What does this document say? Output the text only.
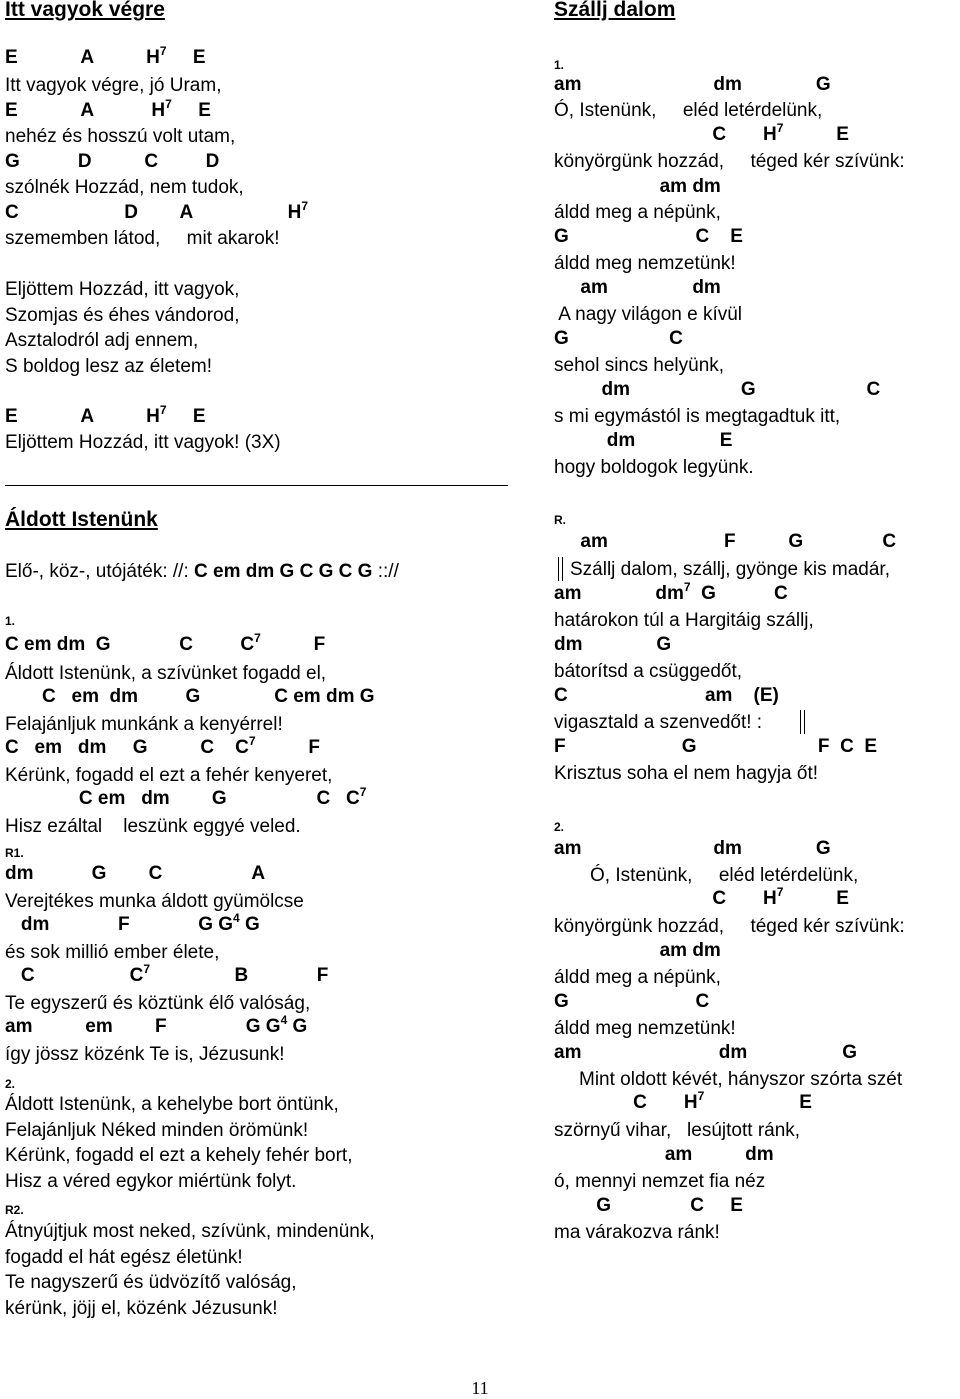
Itt vagyok végre
E            A          $H^7$     E
Itt vagyok végre, jó Uram,
E            A           $H^7$     E
nehéz és hosszú volt utam,
G           D          C         D
szólnék Hozzád, nem tudok,
C                    D        A                  $H^7$
szememben látod,     mit akarok!
Eljöttem Hozzád, itt vagyok,
Szomjas és éhes vándorod,
Asztalodról adj ennem,
S boldog lesz az életem!
E            A          $H^7$     E
Eljöttem Hozzád, itt vagyok! (3X)
Áldott Istenünk
Elő-, köz-, utójáték: //: C em dm G C G C G :://
1.
C em dm  G             C         $C^7$          F
Áldott Istenünk, a szívünket fogadd el,
C   em  dm         G              C em dm G
Felajánljuk munkánk a kenyérrel!
C   em   dm     G          C    $C^7$          F
Kérünk, fogadd el ezt a fehér kenyeret,
C em   dm        G                 C   $C^7$
Hisz ezáltal    leszünk eggyé veled.
R1.
dm           G        C                 A
Verejtékes munka áldott gyümölcse
dm             F             G $G^4$ G
és sok millió ember élete,
C                  $C^7$                B             F
Te egyszerű és köztünk élő valóság,
am          em        F               G $G^4$ G
így jössz közénk Te is, Jézusunk!
2.
Áldott Istenünk, a kehelybe bort öntünk,
Felajánljuk Néked minden örömünk!
Kérünk, fogadd el ezt a kehely fehér bort,
Hisz a véred egykor miértünk folyt.
R2.
Átnyújtjuk most neked, szívünk, mindenünk,
fogadd el hát egész életünk!
Te nagyszerű és üdvözítő valóság,
kérünk, jöjj el, közénk Jézusunk!
Szállj dalom
1.
am                         dm              G
Ó, Istenünk,     eléd letérdelünk,
C       $H^7$          E
könyörgünk hozzád,     téged kér szívünk:
am dm
áldd meg a népünk,
G                        C    E
áldd meg nemzetünk!
am                dm
A nagy világon e kívül
G                   C
sehol sincs helyünk,
dm                     G                     C
s mi egymástól is megtagadtuk itt,
dm                E
hogy boldogok legyünk.
R.
am                      F          G               C
Szállj dalom, szállj, gyönge kis madár,
am              $dm^7$  G           C
határokon túl a Hargitáig szállj,
dm              G
bátorítsd a csüggedőt,
C                          am    (E)
vigasztald a szenvedőt! :
F                      G                       F  C  E
Krisztus soha el nem hagyja őt!
2.
am                         dm              G
Ó, Istenünk,     eléd letérdelünk,
C       $H^7$          E
könyörgünk hozzád,     téged kér szívünk:
am dm
áldd meg a népünk,
G                        C
áldd meg nemzetünk!
am                          dm                  G
Mint oldott kévét, hányszor szórta szét
C       $H^7$                  E
szörnyű vihar,   lesújtott ránk,
am          dm
ó, mennyi nemzet fia néz
G               C     E
ma várakozva ránk!
11
